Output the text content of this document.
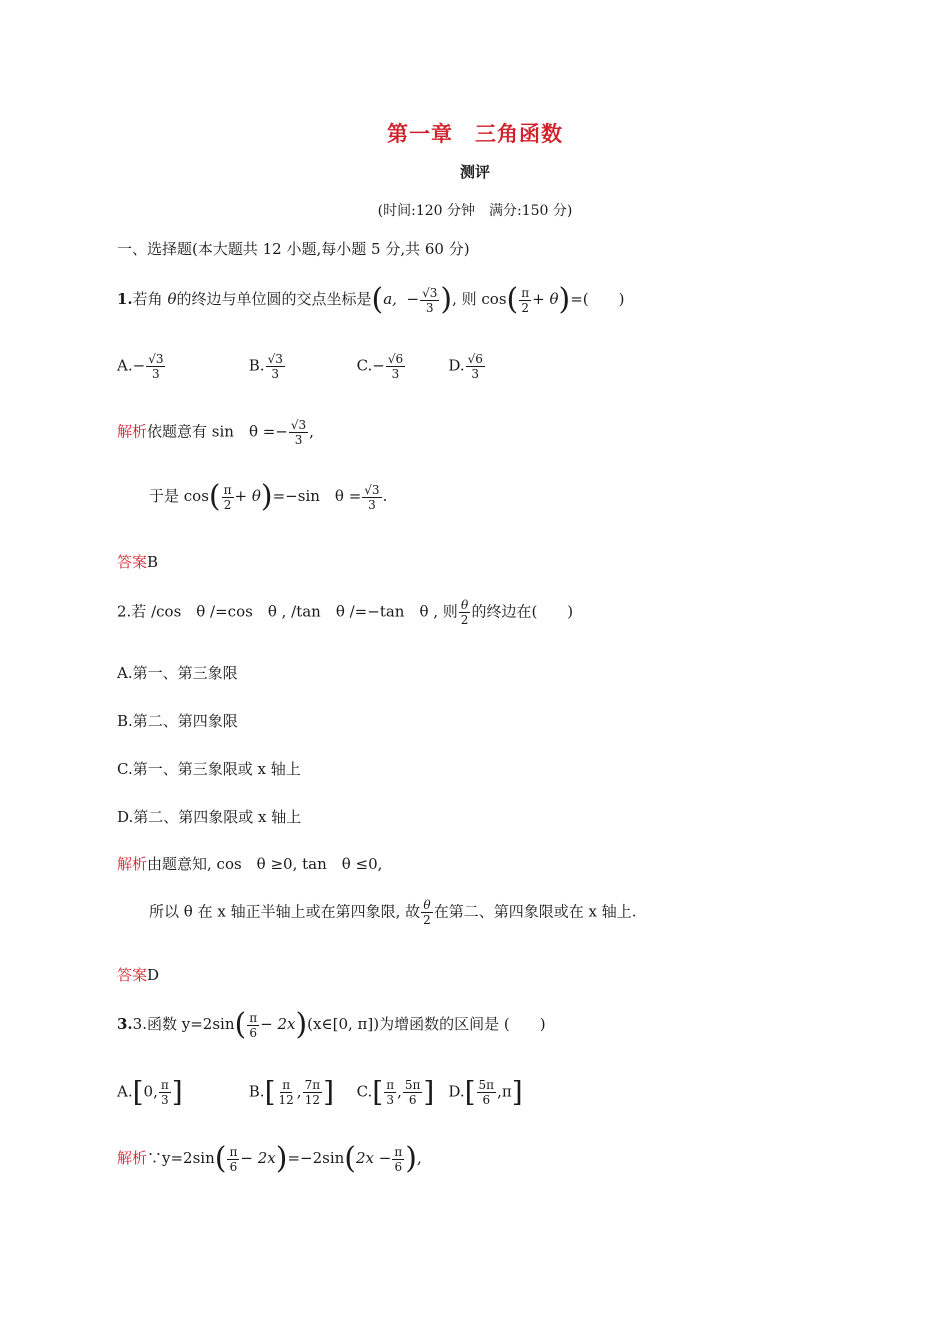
第一章　三角函数
测评
(时间:120 分钟　满分:150 分)
一、选择题(本大题共 12 小题,每小题 5 分,共 60 分)
1.若角 θ的终边与单位圆的交点坐标是(a, − $\frac{√3}{3}$ ), 则 $\cos( \frac{\pi}{2} + \theta)=$(　　)
$A.- \frac{√3}{3}$	B. $\frac{√3}{3}$	$C.- \frac{√6}{3}$	D. $\frac{√6}{3}$
解析依题意有 sin　$\theta =- \frac{√3}{3}$ ,
于是 $\cos( \frac{\pi}{2} + \theta)=-\sin$　$\theta = \frac{√3}{3}$ .
答案B
2.若 /cos　θ /=cos　θ , /tan　θ /=−tan　θ , 则 $\frac{\theta}{2}$ 的终边在(　　)
A.第一、第三象限
B.第二、第四象限
C.第一、第三象限或 x 轴上
D.第二、第四象限或 x 轴上
解析由题意知, cos　θ ≥0, tan　θ ≤0,
所以 θ 在 x 轴正半轴上或在第四象限, 故 $\frac{\theta}{2}$ 在第二、第四象限或在 x 轴上.
答案D
3.3.函数 $y=2\sin( \frac{\pi}{6}$ − 2x)(x∈[0, π])为增函数的区间是 (　　)
A.[0, $\frac{\pi}{3}$ ]	$B.[ \frac{\pi}{12}$ , $\frac{7\pi}{12}$ ] $C.[ \frac{\pi}{3}$ , $\frac{5\pi}{6}$ ] $D.[ \frac{5\pi}{6} ,\pi]$
解析∵y=2sin( $\frac{\pi}{6} - 2x)=-2\sin(2x - \frac{\pi}{6}$ ),
